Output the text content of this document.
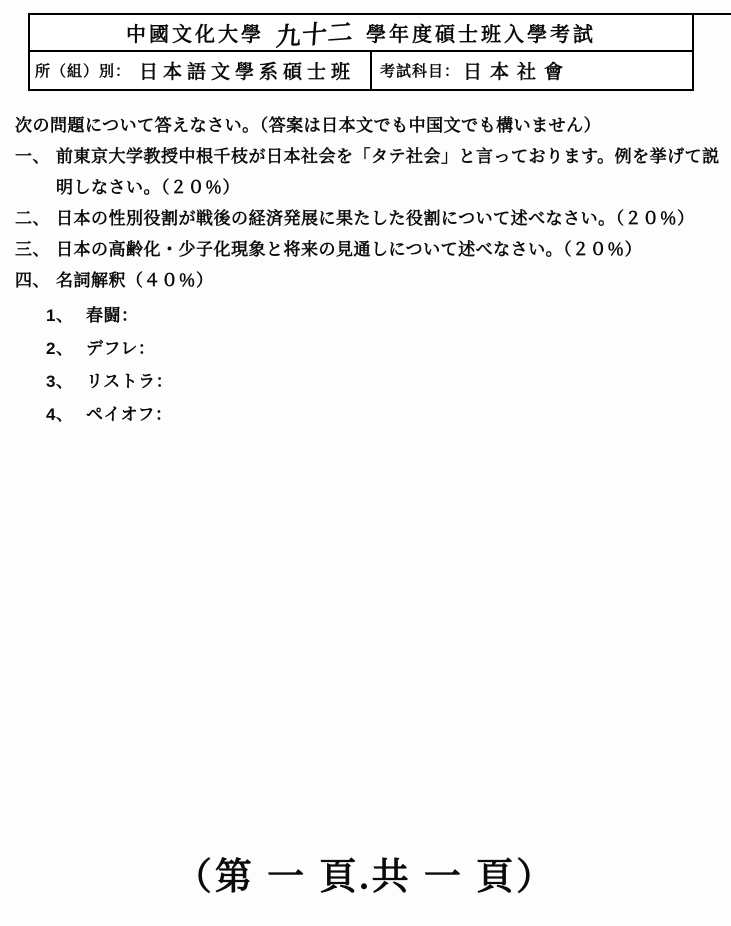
中國文化大學 九十二 學年度碩士班入學考試
所（組）別： 日本語文學系碩士班 考試科目： 日本社會
次の問題について答えなさい。（答案は日本文でも中国文でも構いません）
一、 前東京大学教授中根千枝が日本社会を「タテ社会」と言っております。例を挙げて説
明しなさい。（２０％）
二、 日本の性別役割が戦後の経済発展に果たした役割について述べなさい。（２０％）
三、 日本の高齢化・少子化現象と将来の見通しについて述べなさい。（２０％）
四、 名詞解釈（４０％）
1、 春闘：
2、 デフレ：
3、 リストラ：
4、 ペイオフ：
（第 一 頁.共 一 頁）
